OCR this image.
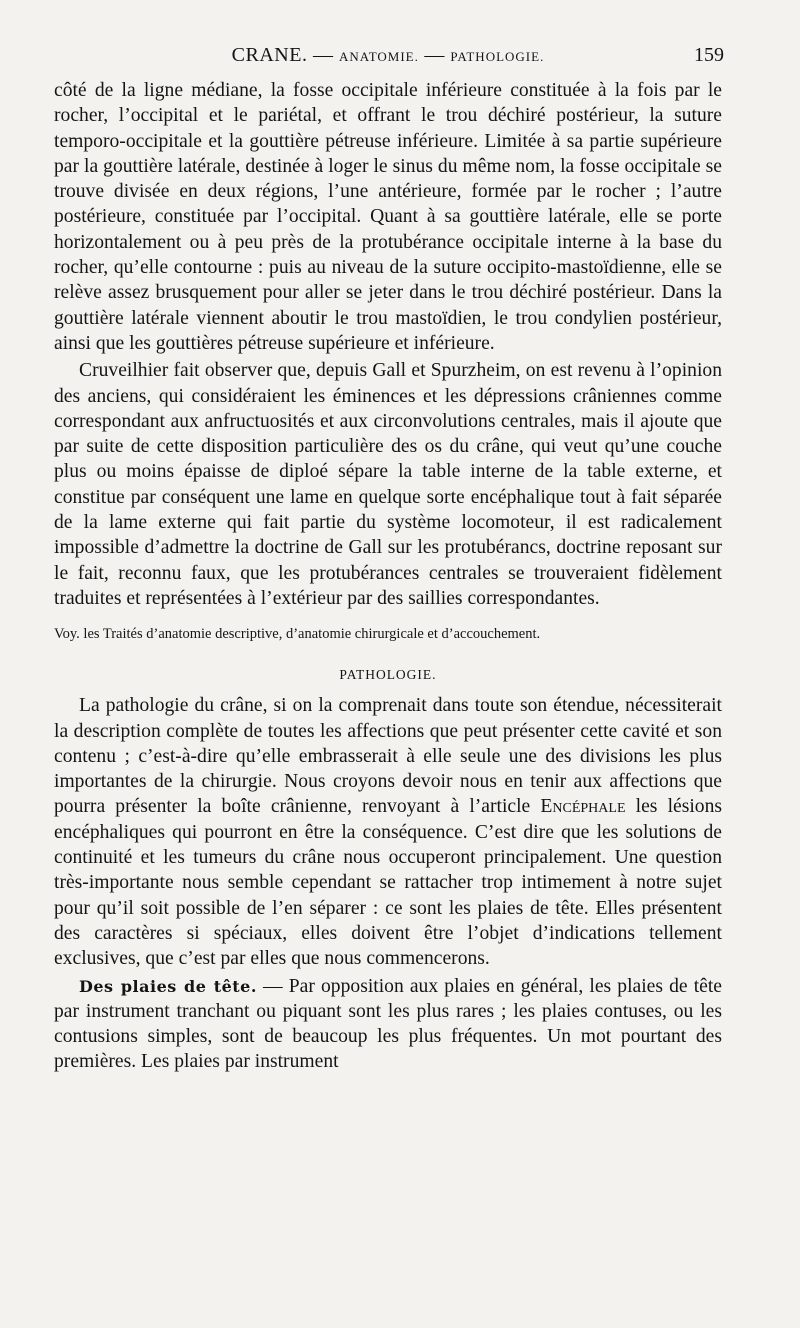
CRANE. — ANATOMIE. — PATHOLOGIE.	159

côté de la ligne médiane, la fosse occipitale inférieure constituée à la fois par le rocher, l’occipital et le pariétal, et offrant le trou déchiré postérieur, la suture temporo-occipitale et la gouttière pétreuse inférieure. Limitée à sa partie supérieure par la gouttière latérale, destinée à loger le sinus du même nom, la fosse occipitale se trouve divisée en deux régions, l’une antérieure, formée par le rocher ; l’autre postérieure, constituée par l’occipital. Quant à sa gouttière latérale, elle se porte horizontalement ou à peu près de la protubérance occipitale interne à la base du rocher, qu’elle contourne : puis au niveau de la suture occipito-mastoïdienne, elle se relève assez brusquement pour aller se jeter dans le trou déchiré postérieur. Dans la gouttière latérale viennent aboutir le trou mastoïdien, le trou condylien postérieur, ainsi que les gouttières pétreuse supérieure et inférieure.

Cruveilhier fait observer que, depuis Gall et Spurzheim, on est revenu à l’opinion des anciens, qui considéraient les éminences et les dépressions crâniennes comme correspondant aux anfructuosités et aux circonvolutions centrales, mais il ajoute que par suite de cette disposition particulière des os du crâne, qui veut qu’une couche plus ou moins épaisse de diploé sépare la table interne de la table externe, et constitue par conséquent une lame en quelque sorte encéphalique tout à fait séparée de la lame externe qui fait partie du système locomoteur, il est radicalement impossible d’admettre la doctrine de Gall sur les protubérancs, doctrine reposant sur le fait, reconnu faux, que les protubérances centrales se trouveraient fidèlement traduites et représentées à l’extérieur par des saillies correspondantes.

Voy. les Traités d’anatomie descriptive, d’anatomie chirurgicale et d’accouchement.

PATHOLOGIE.

La pathologie du crâne, si on la comprenait dans toute son étendue, nécessiterait la description complète de toutes les affections que peut présenter cette cavité et son contenu ; c’est-à-dire qu’elle embrasserait à elle seule une des divisions les plus importantes de la chirurgie. Nous croyons devoir nous en tenir aux affections que pourra présenter la boîte crânienne, renvoyant à l’article Encéphale les lésions encéphaliques qui pourront en être la conséquence. C’est dire que les solutions de continuité et les tumeurs du crâne nous occuperont principalement. Une question très-importante nous semble cependant se rattacher trop intimement à notre sujet pour qu’il soit possible de l’en séparer : ce sont les plaies de tête. Elles présentent des caractères si spéciaux, elles doivent être l’objet d’indications tellement exclusives, que c’est par elles que nous commencerons.

Des plaies de tête. — Par opposition aux plaies en général, les plaies de tête par instrument tranchant ou piquant sont les plus rares ; les plaies contuses, ou les contusions simples, sont de beaucoup les plus fréquentes. Un mot pourtant des premières. Les plaies par instrument
